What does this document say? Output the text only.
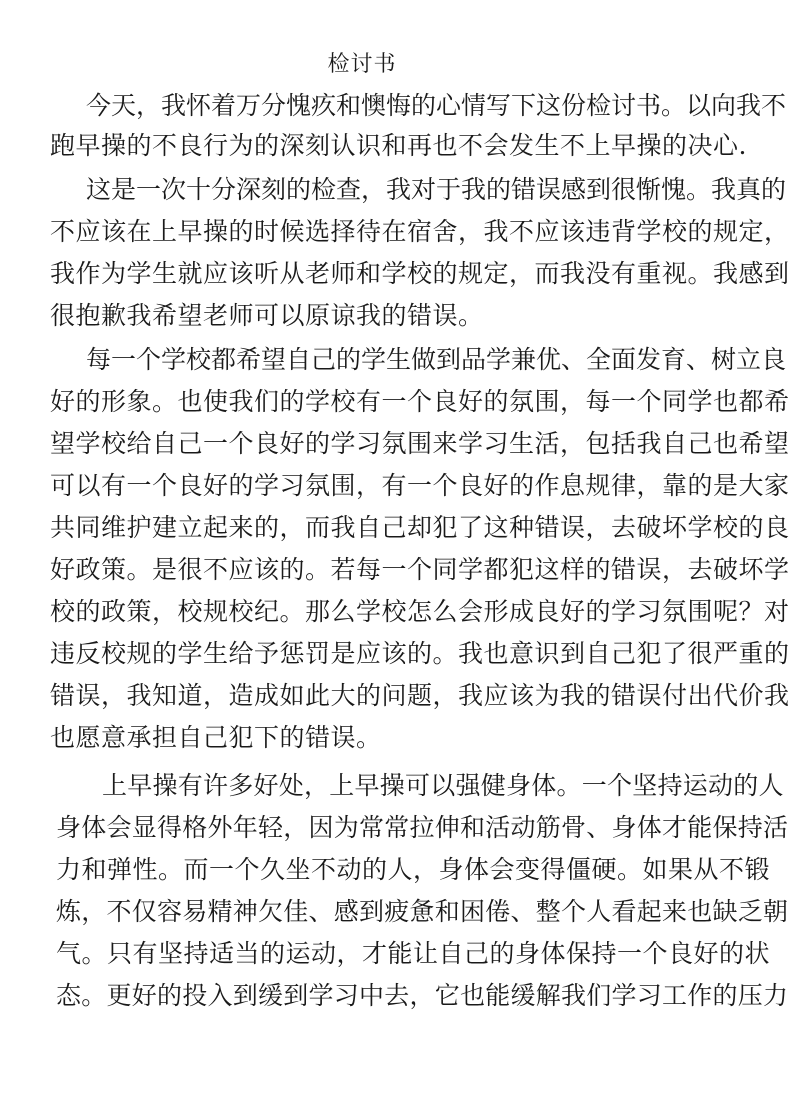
检讨书
今天，我怀着万分愧疚和懊悔的心情写下这份检讨书。以向我不
跑早操的不良行为的深刻认识和再也不会发生不上早操的决心.
这是一次十分深刻的检查，我对于我的错误感到很惭愧。我真的
不应该在上早操的时候选择待在宿舍，我不应该违背学校的规定，
我作为学生就应该听从老师和学校的规定，而我没有重视。我感到
很抱歉我希望老师可以原谅我的错误。
每一个学校都希望自己的学生做到品学兼优、全面发育、树立良
好的形象。也使我们的学校有一个良好的氛围，每一个同学也都希
望学校给自己一个良好的学习氛围来学习生活，包括我自己也希望
可以有一个良好的学习氛围，有一个良好的作息规律，靠的是大家
共同维护建立起来的，而我自己却犯了这种错误，去破坏学校的良
好政策。是很不应该的。若每一个同学都犯这样的错误，去破坏学
校的政策，校规校纪。那么学校怎么会形成良好的学习氛围呢？对
违反校规的学生给予惩罚是应该的。我也意识到自己犯了很严重的
错误，我知道，造成如此大的问题，我应该为我的错误付出代价我
也愿意承担自己犯下的错误。
上早操有许多好处，上早操可以强健身体。一个坚持运动的人
身体会显得格外年轻，因为常常拉伸和活动筋骨、身体才能保持活
力和弹性。而一个久坐不动的人，身体会变得僵硬。如果从不锻
炼，不仅容易精神欠佳、感到疲惫和困倦、整个人看起来也缺乏朝
气。只有坚持适当的运动，才能让自己的身体保持一个良好的状
态。更好的投入到缓到学习中去，它也能缓解我们学习工作的压力
